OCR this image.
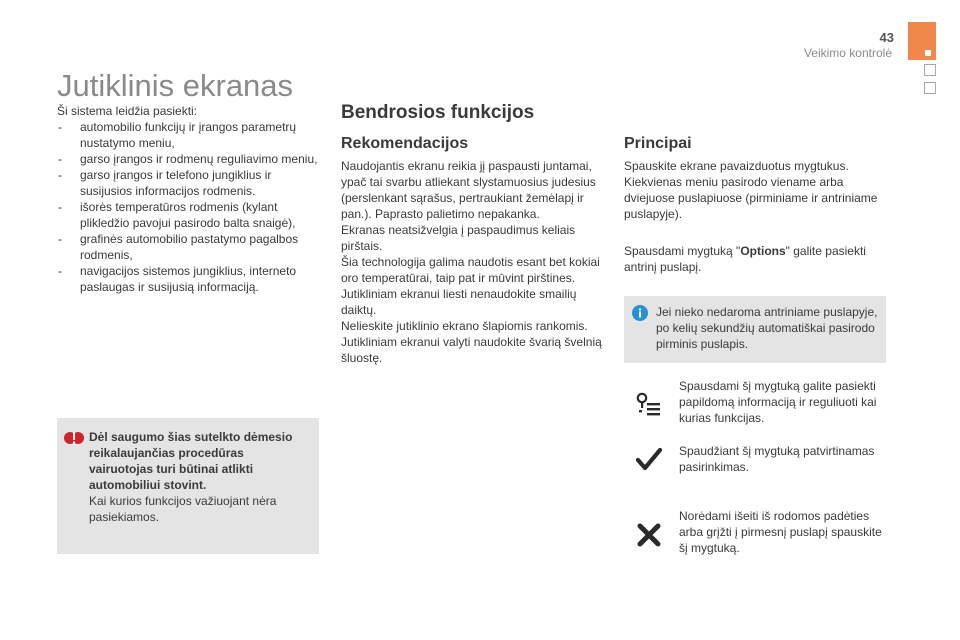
43
Veikimo kontrolė
Jutiklinis ekranas
Ši sistema leidžia pasiekti:
- automobilio funkcijų ir įrangos parametrų nustatymo meniu,
- garso įrangos ir rodmenų reguliavimo meniu,
- garso įrangos ir telefono jungiklius ir susijusios informacijos rodmenis.
- išorės temperatūros rodmenis (kylant plikledžio pavojui pasirodo balta snaigė),
- grafinės automobilio pastatymo pagalbos rodmenis,
- navigacijos sistemos jungiklius, interneto paslaugas ir susijusią informaciją.
Dėl saugumo šias sutelkto dėmesio reikalaujančias procedūras vairuotojas turi būtinai atlikti automobiliui stovint.
Kai kurios funkcijos važiuojant nėra pasiekiamos.
Bendrosios funkcijos
Rekomendacijos
Naudojantis ekranu reikia jį paspausti juntamai, ypač tai svarbu atliekant slystamuosius judesius (perslenkant sąrašus, pertraukiant žemėlapį ir pan.). Paprasto palietimo nepakanka.
Ekranas neatsižvelgia į paspaudimus keliais pirštais.
Šia technologija galima naudotis esant bet kokiai oro temperatūrai, taip pat ir mūvint pirštines.
Jutikliniam ekranui liesti nenaudokite smailių daiktų.
Nelieskite jutiklinio ekrano šlapiomis rankomis.
Jutikliniam ekranui valyti naudokite švarią švelnią šluostę.
Principai
Spauskite ekrane pavaizduotus mygtukus. Kiekvienas meniu pasirodo viename arba dviejuose puslapiuose (pirminiame ir antriniame puslapyje).
Spausdami mygtuką "Options" galite pasiekti antrinį puslapį.
Jei nieko nedaroma antriniame puslapyje, po kelių sekundžių automatiškai pasirodo pirminis puslapis.
Spausdami šį mygtuką galite pasiekti papildomą informaciją ir reguliuoti kai kurias funkcijas.
Spaudžiant šį mygtuką patvirtinamas pasirinkimas.
Norėdami išeiti iš rodomos padėties arba grįžti į pirmesnį puslapį spauskite šį mygtuką.
